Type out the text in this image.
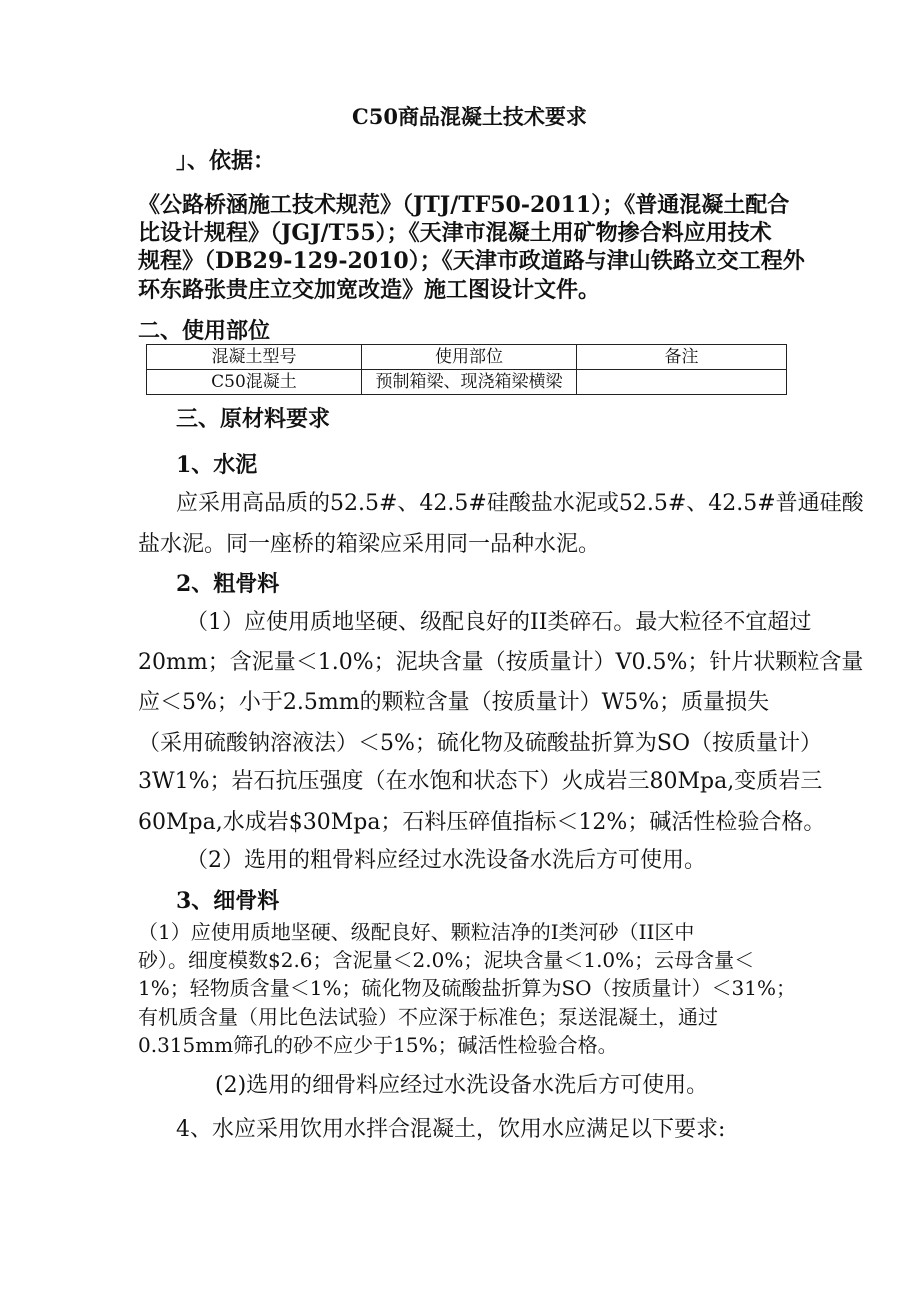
C50商品混凝土技术要求
」、依据：
《公路桥涵施工技术规范》（JTJ/TF50-2011）；《普通混凝土配合
比设计规程》（JGJ/T55）；《天津市混凝土用矿物掺合料应用技术
规程》（DB29-129-2010）；《天津市政道路与津山铁路立交工程外
环东路张贵庄立交加宽改造》施工图设计文件。
二、使用部位
混凝土型号	使用部位	备注
C50混凝土	预制箱梁、现浇箱梁横梁	
三、原材料要求
1、水泥
应采用高品质的52.5#、42.5#硅酸盐水泥或52.5#、42.5#普通硅酸
盐水泥。同一座桥的箱梁应采用同一品种水泥。
2、粗骨料
（1）应使用质地坚硬、级配良好的II类碎石。最大粒径不宜超过
20mm；含泥量＜1.0%；泥块含量（按质量计）V0.5%；针片状颗粒含量
应＜5%；小于2.5mm的颗粒含量（按质量计）W5%；质量损失
（采用硫酸钠溶液法）＜5%；硫化物及硫酸盐折算为SO（按质量计）
3W1%；岩石抗压强度（在水饱和状态下）火成岩三80Mpa,变质岩三
60Mpa,水成岩$30Mpa；石料压碎值指标＜12%；碱活性检验合格。
（2）选用的粗骨料应经过水洗设备水洗后方可使用。
3、细骨料
（1）应使用质地坚硬、级配良好、颗粒洁净的I类河砂（II区中
砂）。细度模数$2.6；含泥量＜2.0%；泥块含量＜1.0%；云母含量＜
1%；轻物质含量＜1%；硫化物及硫酸盐折算为SO（按质量计）＜31%；
有机质含量（用比色法试验）不应深于标准色；泵送混凝土，通过
0.315mm筛孔的砂不应少于15%；碱活性检验合格。
(2)选用的细骨料应经过水洗设备水洗后方可使用。
4、水应采用饮用水拌合混凝土，饮用水应满足以下要求:
